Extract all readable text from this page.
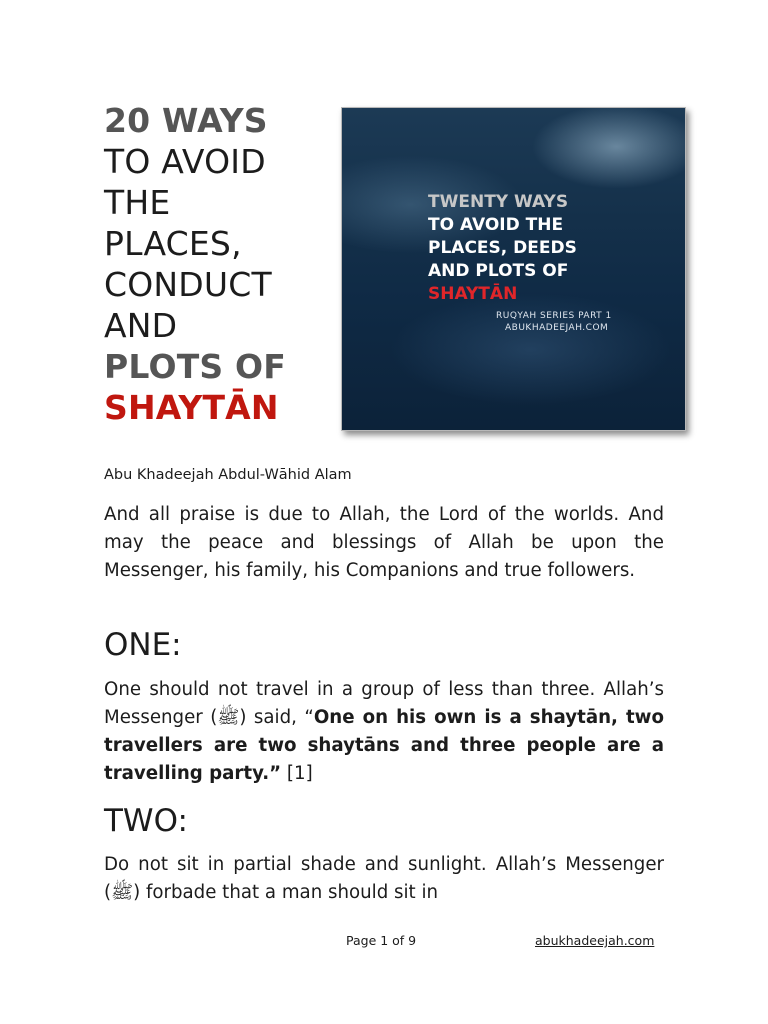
20 WAYS
TO AVOID
THE
PLACES,
CONDUCT
AND
PLOTS OF
SHAYTĀN
TWENTY WAYS
TO AVOID THE
PLACES, DEEDS
AND PLOTS OF
SHAYTĀN
RUQYAH SERIES PART 1
ABUKHADEEJAH.COM
Abu Khadeejah Abdul-Wāhid Alam
And all praise is due to Allah, the Lord of the worlds. And may the peace and blessings of Allah be upon the Messenger, his family, his Companions and true followers.
ONE:
One should not travel in a group of less than three. Allah’s Messenger (ﷺ) said, “One on his own is a shaytān, two travellers are two shaytāns and three people are a travelling party.” [1]
TWO:
Do not sit in partial shade and sunlight. Allah’s Messenger (ﷺ) forbade that a man should sit in
Page 1 of 9	abukhadeejah.com
